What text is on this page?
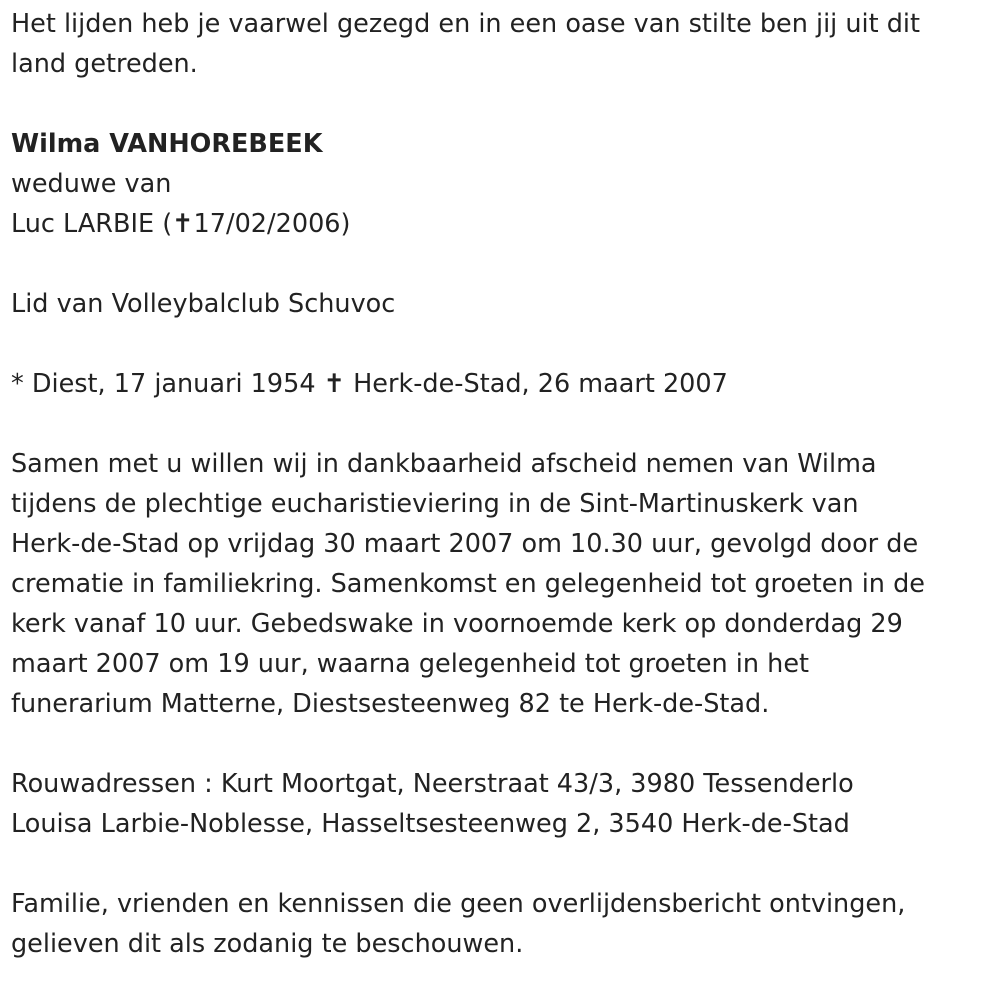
Het lijden heb je vaarwel gezegd en in een oase van stilte ben jij uit dit
land getreden.
Wilma VANHOREBEEK
weduwe van
Luc LARBIE (✝17/02/2006)
Lid van Volleybalclub Schuvoc
* Diest, 17 januari 1954 ✝ Herk-de-Stad, 26 maart 2007
Samen met u willen wij in dankbaarheid afscheid nemen van Wilma
tijdens de plechtige eucharistieviering in de Sint-Martinuskerk van
Herk-de-Stad op vrijdag 30 maart 2007 om 10.30 uur, gevolgd door de
crematie in familiekring. Samenkomst en gelegenheid tot groeten in de
kerk vanaf 10 uur. Gebedswake in voornoemde kerk op donderdag 29
maart 2007 om 19 uur, waarna gelegenheid tot groeten in het
funerarium Matterne, Diestsesteenweg 82 te Herk-de-Stad.
Rouwadressen : Kurt Moortgat, Neerstraat 43/3, 3980 Tessenderlo
Louisa Larbie-Noblesse, Hasseltsesteenweg 2, 3540 Herk-de-Stad
Familie, vrienden en kennissen die geen overlijdensbericht ontvingen,
gelieven dit als zodanig te beschouwen.
